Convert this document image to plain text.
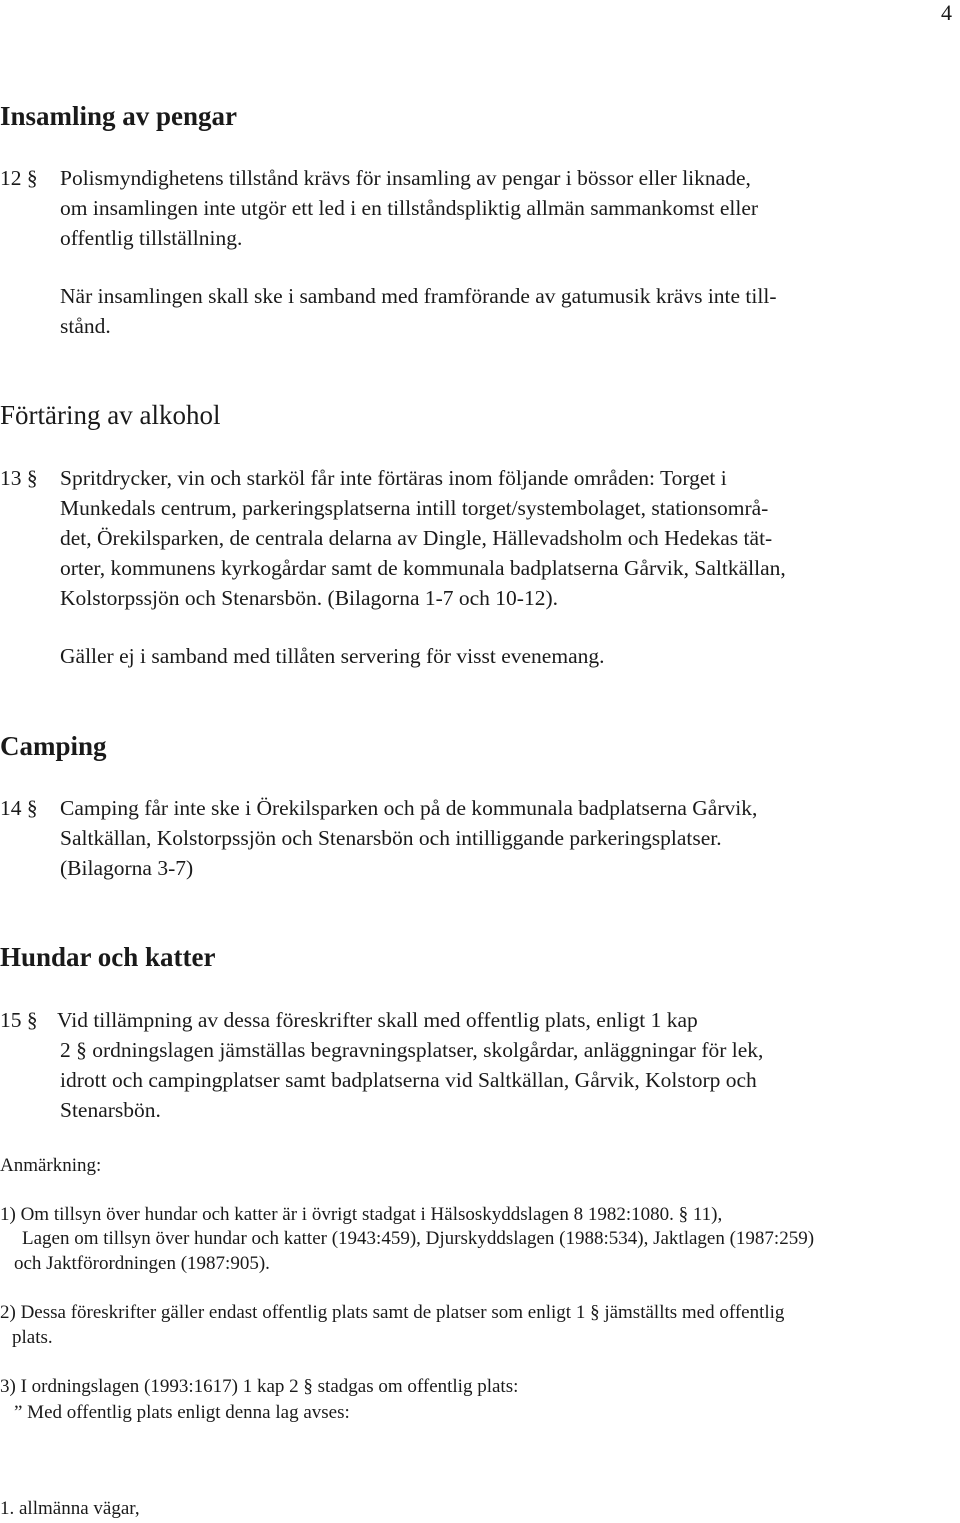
4
Insamling av pengar
12 § Polismyndighetens tillstånd krävs för insamling av pengar i bössor eller liknade,
om insamlingen inte utgör ett led i en tillståndspliktig allmän sammankomst eller
offentlig tillställning.
När insamlingen skall ske i samband med framförande av gatumusik krävs inte till-
stånd.
Förtäring av alkohol
13 § Spritdrycker, vin och starköl får inte förtäras inom följande områden: Torget i
Munkedals centrum, parkeringsplatserna intill torget/systembolaget, stationsområ-
det, Örekilsparken, de centrala delarna av Dingle, Hällevadsholm och Hedekas tät-
orter, kommunens kyrkogårdar samt de kommunala badplatserna Gårvik, Saltkällan,
Kolstorpssjön och Stenarsbön. (Bilagorna 1-7 och 10-12).
Gäller ej i samband med tillåten servering för visst evenemang.
Camping
14 § Camping får inte ske i Örekilsparken och på de kommunala badplatserna Gårvik,
Saltkällan, Kolstorpssjön och Stenarsbön och intilliggande parkeringsplatser.
(Bilagorna 3-7)
Hundar och katter
15 § Vid tillämpning av dessa föreskrifter skall med offentlig plats, enligt 1 kap
2 § ordningslagen jämställas begravningsplatser, skolgårdar, anläggningar för lek,
idrott och campingplatser samt badplatserna vid Saltkällan, Gårvik, Kolstorp och
Stenarsbön.
Anmärkning:
1) Om tillsyn över hundar och katter är i övrigt stadgat i Hälsoskyddslagen 8 1982:1080. § 11),
Lagen om tillsyn över hundar och katter (1943:459), Djurskyddslagen (1988:534), Jaktlagen (1987:259)
och Jaktförordningen (1987:905).
2) Dessa föreskrifter gäller endast offentlig plats samt de platser som enligt 1 § jämställts med offentlig
plats.
3) I ordningslagen (1993:1617) 1 kap 2 § stadgas om offentlig plats:
” Med offentlig plats enligt denna lag avses:
1. allmänna vägar,
